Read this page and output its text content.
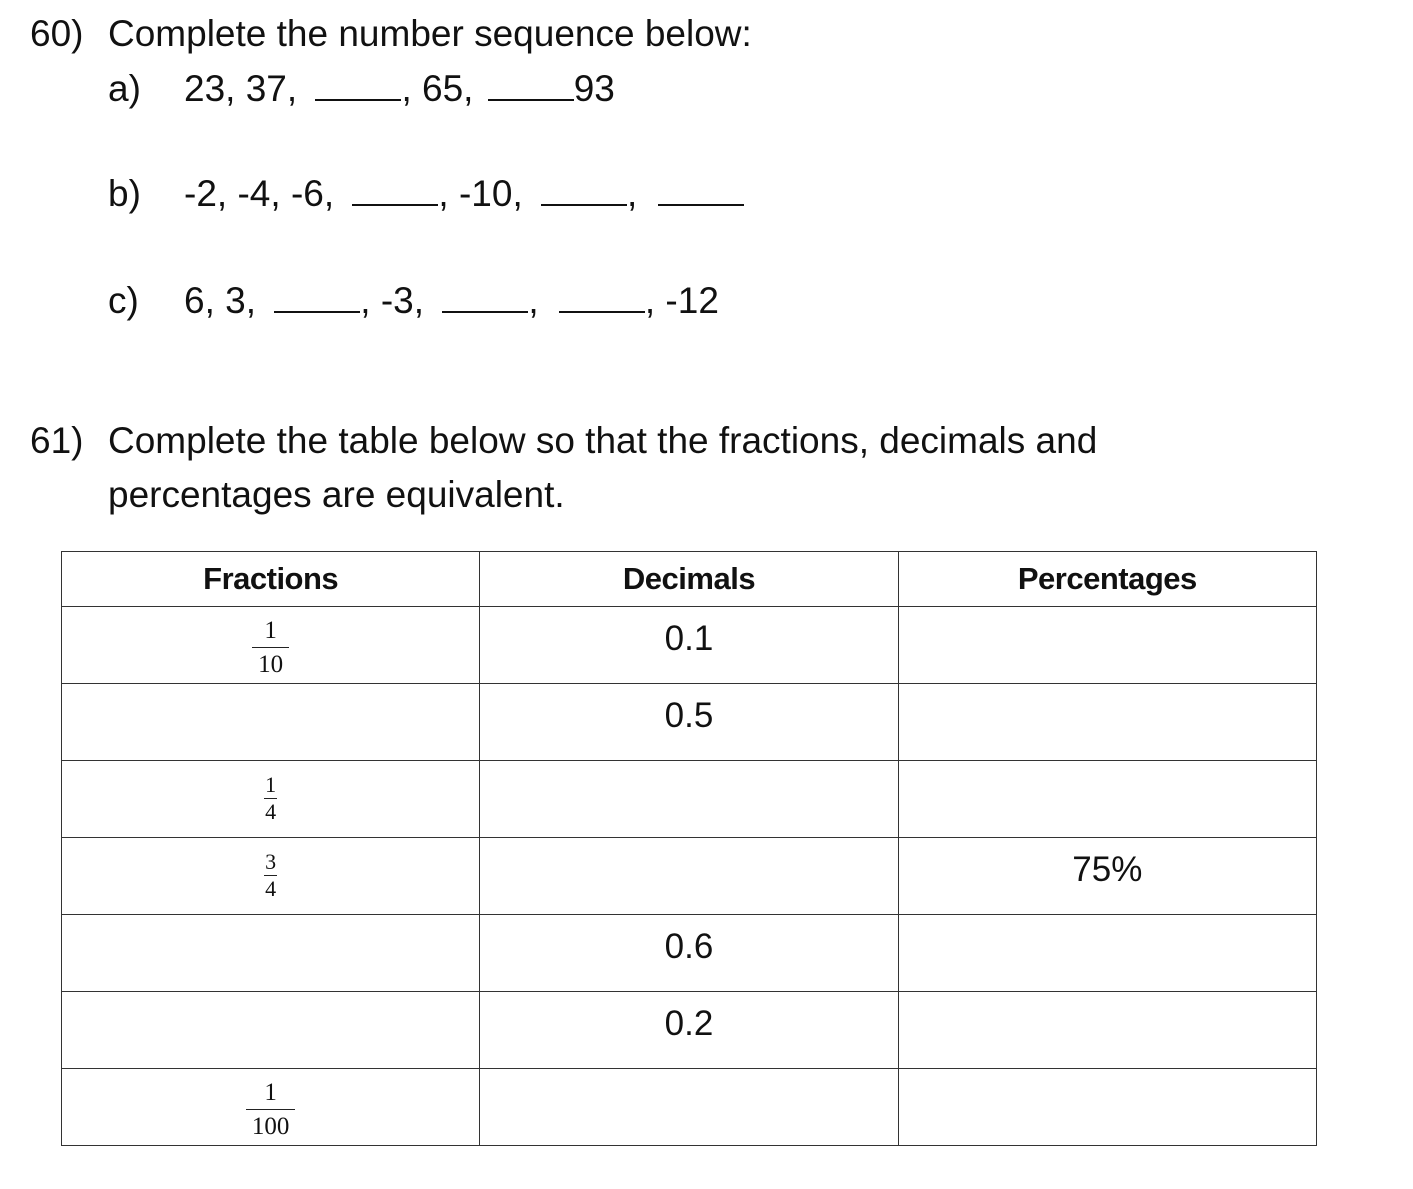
60) Complete the number sequence below:
a) 23, 37,	, 65,	93
b) -2, -4, -6,	, -10,	,
c) 6, 3,	, -3,	,	, -12
61) Complete the table below so that the fractions, decimals and
percentages are equivalent.
Fractions	Decimals	Percentages

$\frac{1}{10}$	0.1	

	0.5	

$\frac{1}{4}$

$\frac{3}{4}$		75%

	0.6	

	0.2	

$\frac{1}{100}$
